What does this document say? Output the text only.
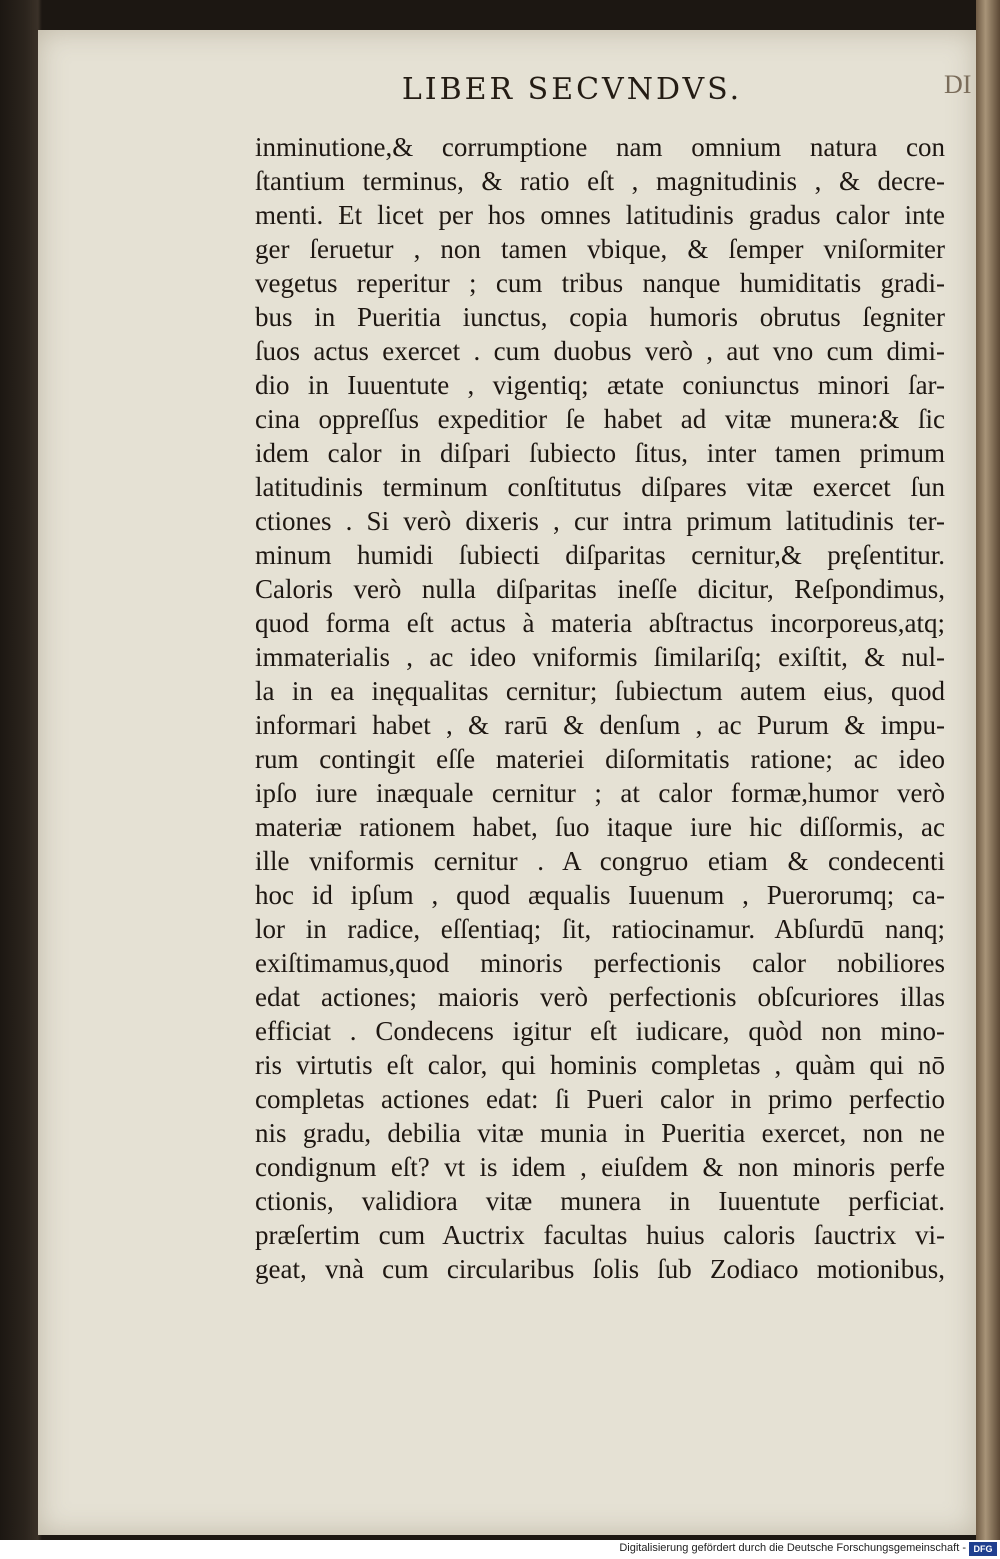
LIBER SECVNDVS.	DI
inminutione,& corrumptione nam omnium natura con
ſtantium terminus, & ratio eſt , magnitudinis , & decre-
menti. Et licet per hos omnes latitudinis gradus calor inte
ger ſeruetur , non tamen vbique, & ſemper vniſormiter
vegetus reperitur ; cum tribus nanque humiditatis gradi-
bus in Pueritia iunctus, copia humoris obrutus ſegniter
ſuos actus exercet . cum duobus verò , aut vno cum dimi-
dio in Iuuentute , vigentiq; ætate coniunctus minori ſar-
cina oppreſſus expeditior ſe habet ad vitæ munera:& ſic
idem calor in diſpari ſubiecto ſitus, inter tamen primum
latitudinis terminum conſtitutus diſpares vitæ exercet ſun
ctiones . Si verò dixeris , cur intra primum latitudinis ter-
minum humidi ſubiecti diſparitas cernitur,& pręſentitur.
Caloris verò nulla diſparitas ineſſe dicitur, Reſpondimus,
quod forma eſt actus à materia abſtractus incorporeus,atq;
immaterialis , ac ideo vniformis ſimilariſq; exiſtit, & nul-
la in ea inęqualitas cernitur; ſubiectum autem eius, quod
informari habet , & rarū & denſum , ac Purum & impu-
rum contingit eſſe materiei diſormitatis ratione; ac ideo
ipſo iure inæquale cernitur ; at calor formæ,humor verò
materiæ rationem habet, ſuo itaque iure hic diſſormis, ac
ille vniformis cernitur . A congruo etiam & condecenti
hoc id ipſum , quod æqualis Iuuenum , Puerorumq; ca-
lor in radice, eſſentiaq; ſit, ratiocinamur. Abſurdū nanq;
exiſtimamus,quod minoris perfectionis calor nobiliores
edat actiones; maioris verò perfectionis obſcuriores illas
efficiat . Condecens igitur eſt iudicare, quòd non mino-
ris virtutis eſt calor, qui hominis completas , quàm qui nō
completas actiones edat: ſi Pueri calor in primo perfectio
nis gradu, debilia vitæ munia in Pueritia exercet, non ne
condignum eſt? vt is idem , eiuſdem & non minoris perfe
ctionis, validiora vitæ munera in Iuuentute perficiat.
præſertim cum Auctrix facultas huius caloris ſauctrix vi-
geat, vnà cum circularibus ſolis ſub Zodiaco motionibus,
Digitalisierung gefördert durch die Deutsche Forschungsgemeinschaft - DFG
